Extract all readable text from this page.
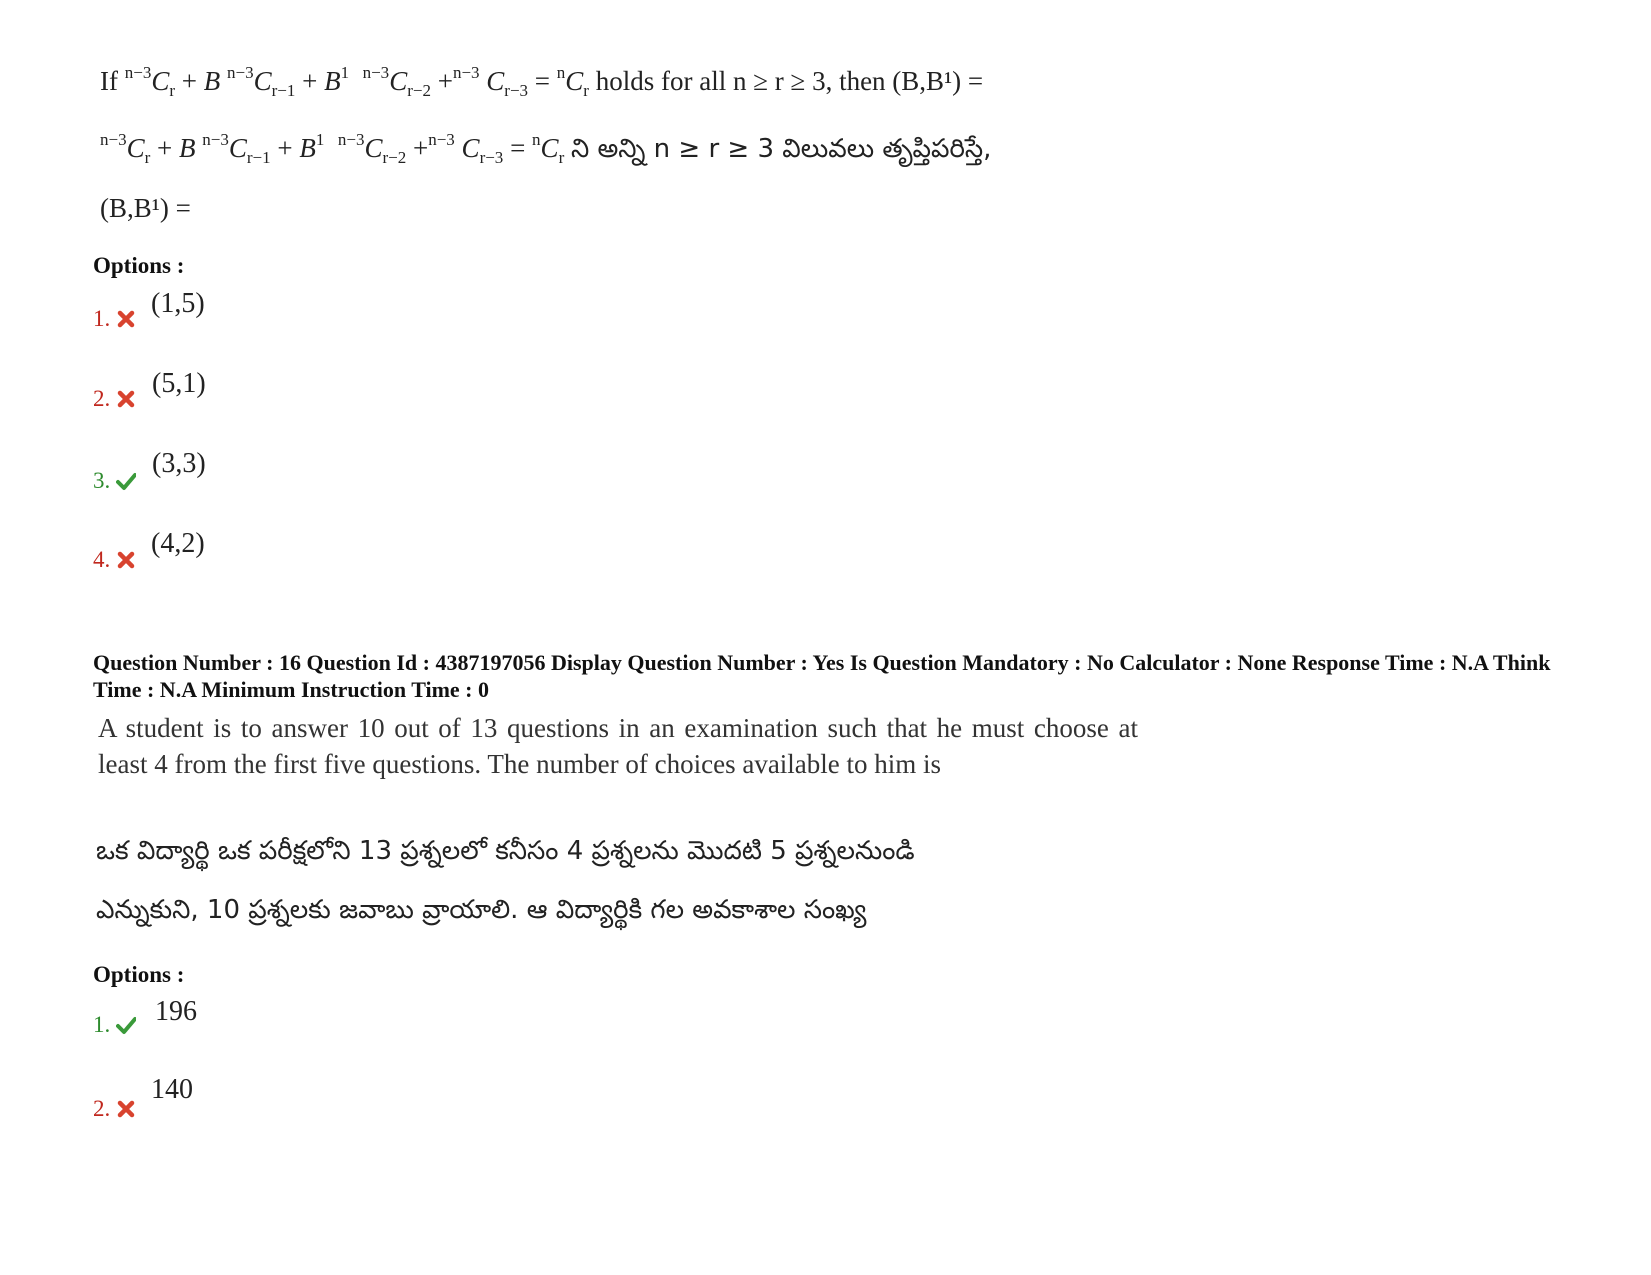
If $^{n-3}C_r + B$ $^{n-3}C_{r-1} + B^1$ $^{n-3}C_{r-2} +^{n-3}$ $C_{r-3} = ^nC_r$ holds for all n ≥ r ≥ 3, then (B,B¹) =
$^{n-3}C_r + B$ $^{n-3}C_{r-1} + B^1$ $^{n-3}C_{r-2} +^{n-3}$ $C_{r-3} = ^nC_r$ ని అన్ని n ≥ r ≥ 3 విలువలు తృప్తిపరిస్తే,
(B,B¹) =
Options :
1.	(1,5)
2.	(5,1)
3.
(3,3)
4.
(4,2)
Question Number : 16 Question Id : 4387197056 Display Question Number : Yes Is Question Mandatory : No Calculator : None Response Time : N.A Think Time : N.A Minimum Instruction Time : 0
A student is to answer 10 out of 13 questions in an examination such that he must choose at least 4 from the first five questions. The number of choices available to him is
ఒక విద్యార్థి ఒక పరీక్షలోని 13 ప్రశ్నలలో కనీసం 4 ప్రశ్నలను మొదటి 5 ప్రశ్నలనుండి
ఎన్నుకుని, 10 ప్రశ్నలకు జవాబు వ్రాయాలి. ఆ విద్యార్థికి గల అవకాశాల సంఖ్య
Options :
1.	196
2.
140
